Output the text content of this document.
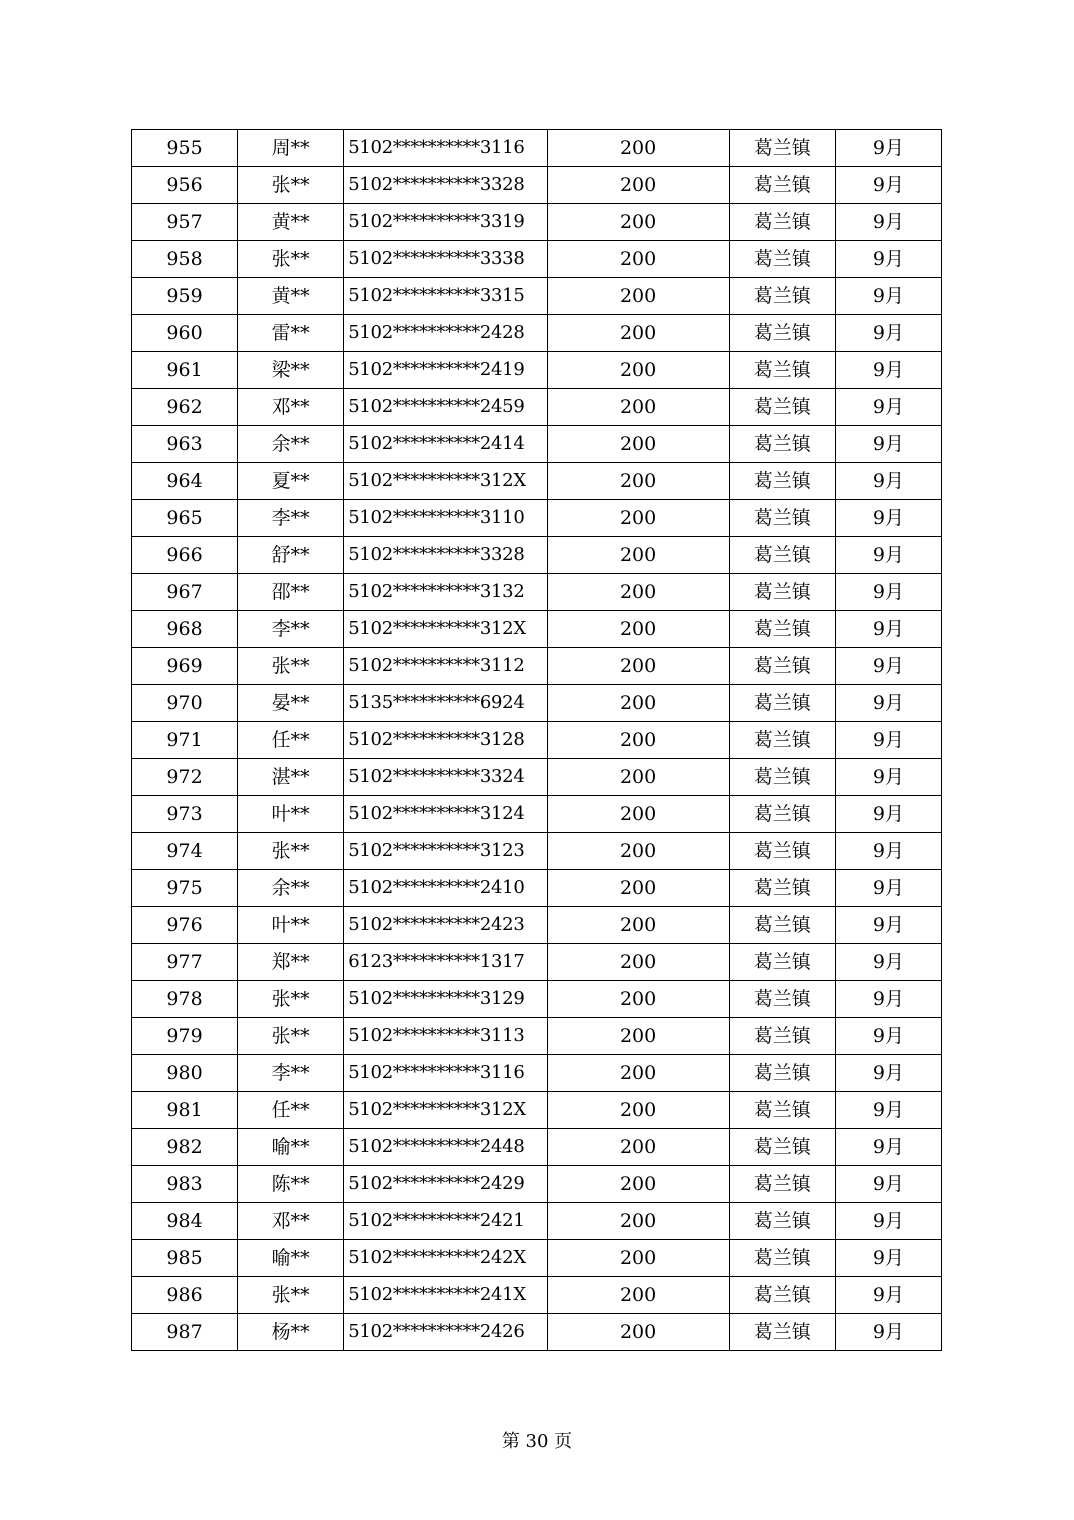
955	周**	5102**********3116	200	葛兰镇	9月
956	张**	5102**********3328	200	葛兰镇	9月
957	黄**	5102**********3319	200	葛兰镇	9月
958	张**	5102**********3338	200	葛兰镇	9月
959	黄**	5102**********3315	200	葛兰镇	9月
960	雷**	5102**********2428	200	葛兰镇	9月
961	梁**	5102**********2419	200	葛兰镇	9月
962	邓**	5102**********2459	200	葛兰镇	9月
963	余**	5102**********2414	200	葛兰镇	9月
964	夏**	5102**********312X	200	葛兰镇	9月
965	李**	5102**********3110	200	葛兰镇	9月
966	舒**	5102**********3328	200	葛兰镇	9月
967	邵**	5102**********3132	200	葛兰镇	9月
968	李**	5102**********312X	200	葛兰镇	9月
969	张**	5102**********3112	200	葛兰镇	9月
970	晏**	5135**********6924	200	葛兰镇	9月
971	任**	5102**********3128	200	葛兰镇	9月
972	湛**	5102**********3324	200	葛兰镇	9月
973	叶**	5102**********3124	200	葛兰镇	9月
974	张**	5102**********3123	200	葛兰镇	9月
975	余**	5102**********2410	200	葛兰镇	9月
976	叶**	5102**********2423	200	葛兰镇	9月
977	郑**	6123**********1317	200	葛兰镇	9月
978	张**	5102**********3129	200	葛兰镇	9月
979	张**	5102**********3113	200	葛兰镇	9月
980	李**	5102**********3116	200	葛兰镇	9月
981	任**	5102**********312X	200	葛兰镇	9月
982	喻**	5102**********2448	200	葛兰镇	9月
983	陈**	5102**********2429	200	葛兰镇	9月
984	邓**	5102**********2421	200	葛兰镇	9月
985	喻**	5102**********242X	200	葛兰镇	9月
986	张**	5102**********241X	200	葛兰镇	9月
987	杨**	5102**********2426	200	葛兰镇	9月
第 30 页
